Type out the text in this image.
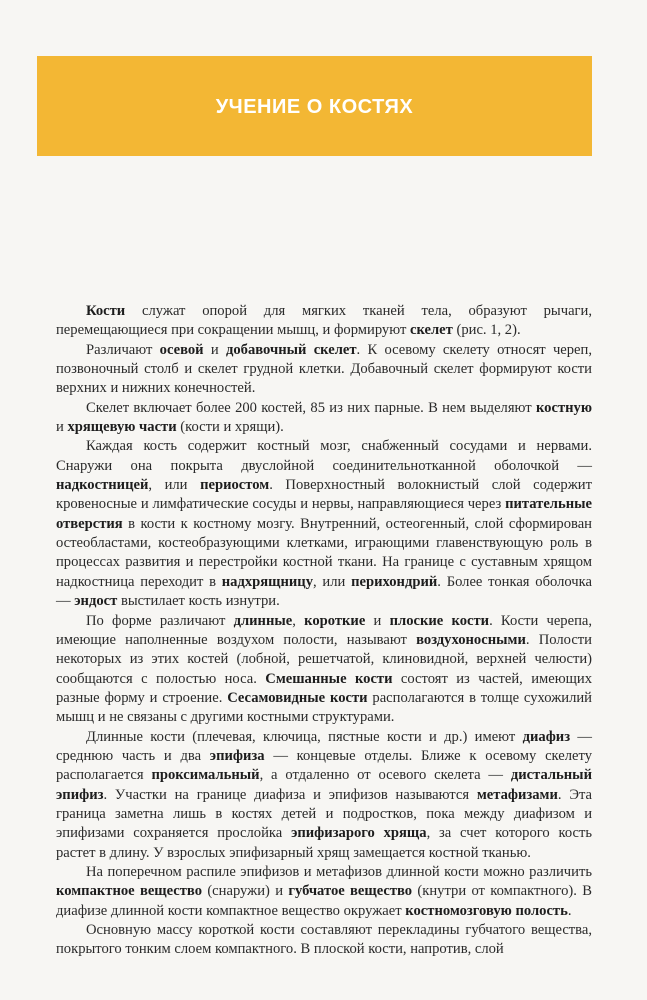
УЧЕНИЕ О КОСТЯХ

Кости служат опорой для мягких тканей тела, образуют рычаги, перемещающиеся при сокращении мышц, и формируют скелет (рис. 1, 2).

Различают осевой и добавочный скелет. К осевому скелету относят череп, позвоночный столб и скелет грудной клетки. Добавочный скелет формируют кости верхних и нижних конечностей.

Скелет включает более 200 костей, 85 из них парные. В нем выделяют костную и хрящевую части (кости и хрящи).

Каждая кость содержит костный мозг, снабженный сосудами и нервами. Снаружи она покрыта двуслойной соединительнотканной оболочкой — надкостницей, или периостом. Поверхностный волокнистый слой содержит кровеносные и лимфатические сосуды и нервы, направляющиеся через питательные отверстия в кости к костному мозгу. Внутренний, остеогенный, слой сформирован остеобластами, костеобразующими клетками, играющими главенствующую роль в процессах развития и перестройки костной ткани. На границе с суставным хрящом надкостница переходит в надхрящницу, или перихондрий. Более тонкая оболочка — эндост выстилает кость изнутри.

По форме различают длинные, короткие и плоские кости. Кости черепа, имеющие наполненные воздухом полости, называют воздухоносными. Полости некоторых из этих костей (лобной, решетчатой, клиновидной, верхней челюсти) сообщаются с полостью носа. Смешанные кости состоят из частей, имеющих разные форму и строение. Сесамовидные кости располагаются в толще сухожилий мышц и не связаны с другими костными структурами.

Длинные кости (плечевая, ключица, пястные кости и др.) имеют диафиз — среднюю часть и два эпифиза — концевые отделы. Ближе к осевому скелету располагается проксимальный, а отдаленно от осевого скелета — дистальный эпифиз. Участки на границе диафиза и эпифизов называются метафизами. Эта граница заметна лишь в костях детей и подростков, пока между диафизом и эпифизами сохраняется прослойка эпифизарого хряща, за счет которого кость растет в длину. У взрослых эпифизарный хрящ замещается костной тканью.

На поперечном распиле эпифизов и метафизов длинной кости можно различить компактное вещество (снаружи) и губчатое вещество (кнутри от компактного). В диафизе длинной кости компактное вещество окружает костномозговую полость.

Основную массу короткой кости составляют перекладины губчатого вещества, покрытого тонким слоем компактного. В плоской кости, напротив, слой
